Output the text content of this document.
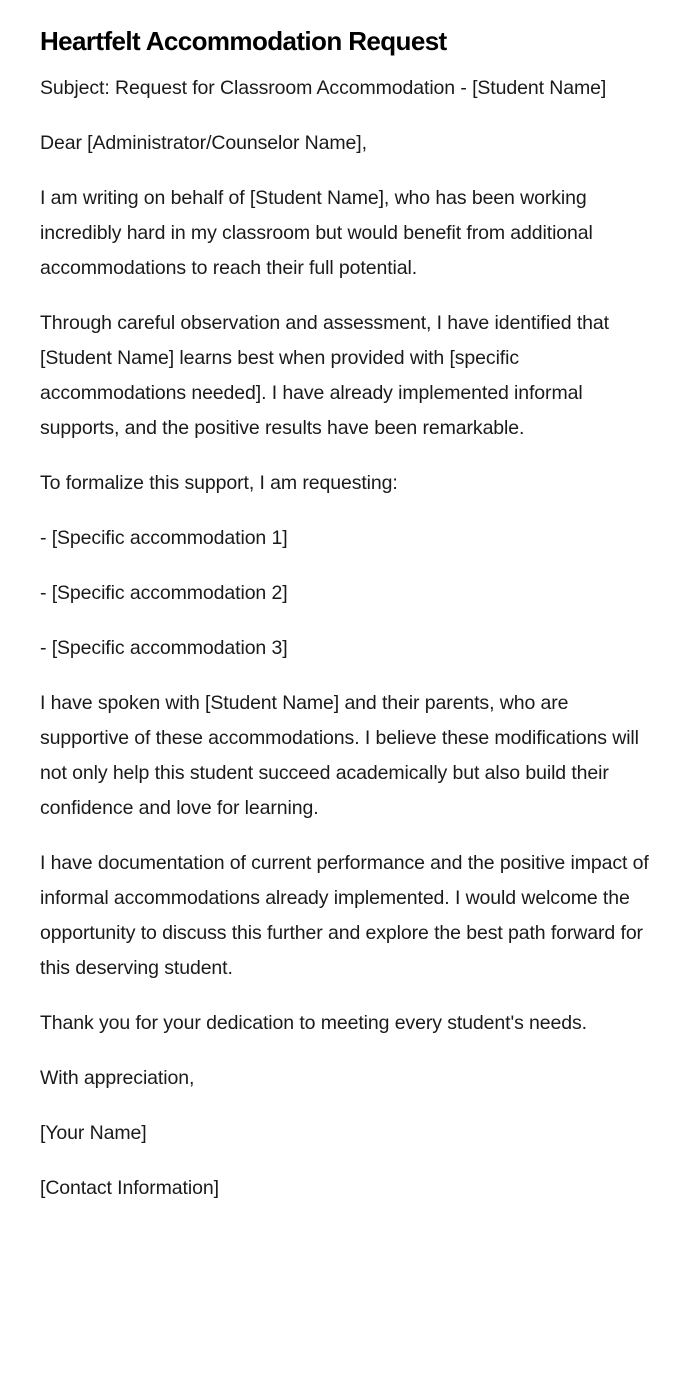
Heartfelt Accommodation Request

Subject: Request for Classroom Accommodation - [Student Name]

Dear [Administrator/Counselor Name],

I am writing on behalf of [Student Name], who has been working incredibly hard in my classroom but would benefit from additional accommodations to reach their full potential.

Through careful observation and assessment, I have identified that [Student Name] learns best when provided with [specific accommodations needed]. I have already implemented informal supports, and the positive results have been remarkable.

To formalize this support, I am requesting:

- [Specific accommodation 1]

- [Specific accommodation 2]

- [Specific accommodation 3]

I have spoken with [Student Name] and their parents, who are supportive of these accommodations. I believe these modifications will not only help this student succeed academically but also build their confidence and love for learning.

I have documentation of current performance and the positive impact of informal accommodations already implemented. I would welcome the opportunity to discuss this further and explore the best path forward for this deserving student.

Thank you for your dedication to meeting every student's needs.

With appreciation,

[Your Name]

[Contact Information]
